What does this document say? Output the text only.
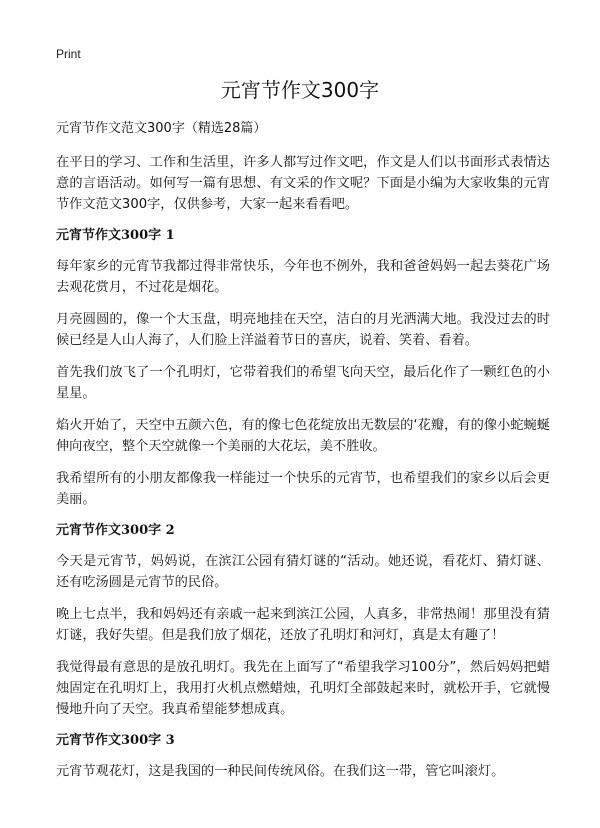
Print
元宵节作文300字

元宵节作文范文300字（精选28篇）

在平日的学习、工作和生活里，许多人都写过作文吧，作文是人们以书面形式表情达意的言语活动。如何写一篇有思想、有文采的作文呢？下面是小编为大家收集的元宵节作文范文300字，仅供参考，大家一起来看看吧。

元宵节作文300字 1

每年家乡的元宵节我都过得非常快乐，今年也不例外，我和爸爸妈妈一起去葵花广场去观花赏月，不过花是烟花。

月亮圆圆的，像一个大玉盘，明亮地挂在天空，洁白的月光洒满大地。我没过去的时候已经是人山人海了，人们脸上洋溢着节日的喜庆，说着、笑着、看着。

首先我们放飞了一个孔明灯，它带着我们的希望飞向天空，最后化作了一颗红色的小星星。

焰火开始了，天空中五颜六色，有的像七色花绽放出无数层的‘花瓣，有的像小蛇蜿蜒伸向夜空，整个天空就像一个美丽的大花坛，美不胜收。

我希望所有的小朋友都像我一样能过一个快乐的元宵节，也希望我们的家乡以后会更美丽。

元宵节作文300字 2

今天是元宵节，妈妈说，在滨江公园有猜灯谜的“活动。她还说，看花灯、猜灯谜、还有吃汤圆是元宵节的民俗。

晚上七点半，我和妈妈还有亲戚一起来到滨江公园，人真多，非常热闹！那里没有猜灯谜，我好失望。但是我们放了烟花，还放了孔明灯和河灯，真是太有趣了！

我觉得最有意思的是放孔明灯。我先在上面写了“希望我学习100分”，然后妈妈把蜡烛固定在孔明灯上，我用打火机点燃蜡烛，孔明灯全部鼓起来时，就松开手，它就慢慢地升向了天空。我真希望能梦想成真。

元宵节作文300字 3

元宵节观花灯，这是我国的一种民间传统风俗。在我们这一带，管它叫滚灯。
